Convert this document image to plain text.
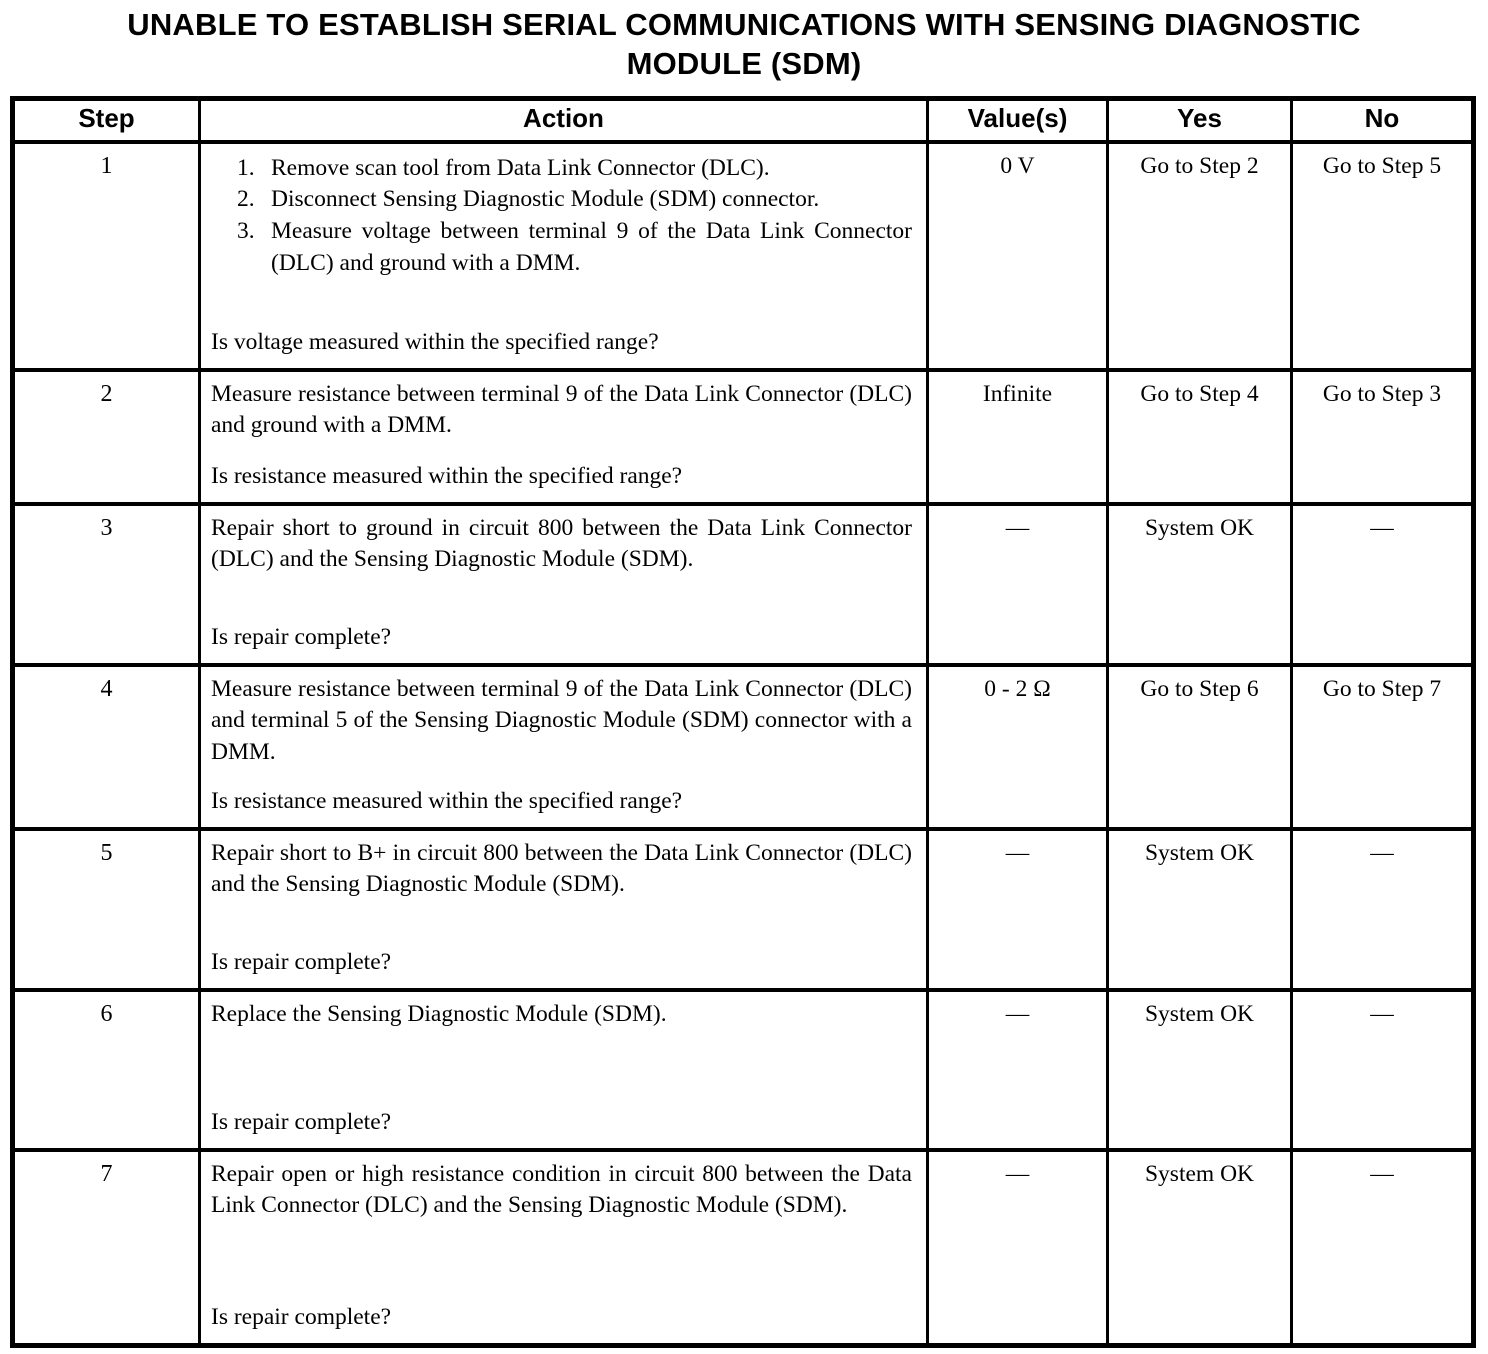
UNABLE TO ESTABLISH SERIAL COMMUNICATIONS WITH SENSING DIAGNOSTIC MODULE (SDM)
Step	Action	Value(s)	Yes	No
1	1. Remove scan tool from Data Link Connector (DLC).
2. Disconnect Sensing Diagnostic Module (SDM) connector.
3. Measure voltage between terminal 9 of the Data Link Connector (DLC) and ground with a DMM.
Is voltage measured within the specified range?
0 V	Go to Step 2	Go to Step 5
2	Measure resistance between terminal 9 of the Data Link Connector (DLC) and ground with a DMM.
Is resistance measured within the specified range?
Infinite	Go to Step 4	Go to Step 3
3	Repair short to ground in circuit 800 between the Data Link Connector (DLC) and the Sensing Diagnostic Module (SDM).
Is repair complete?
—	System OK	—
4	Measure resistance between terminal 9 of the Data Link Connector (DLC) and terminal 5 of the Sensing Diagnostic Module (SDM) connector with a DMM.
Is resistance measured within the specified range?
0 - 2 Ω	Go to Step 6	Go to Step 7
5	Repair short to B+ in circuit 800 between the Data Link Connector (DLC) and the Sensing Diagnostic Module (SDM).
Is repair complete?
—	System OK	—
6	Replace the Sensing Diagnostic Module (SDM).
Is repair complete?
—	System OK	—
7	Repair open or high resistance condition in circuit 800 between the Data Link Connector (DLC) and the Sensing Diagnostic Module (SDM).
Is repair complete?
—	System OK	—
